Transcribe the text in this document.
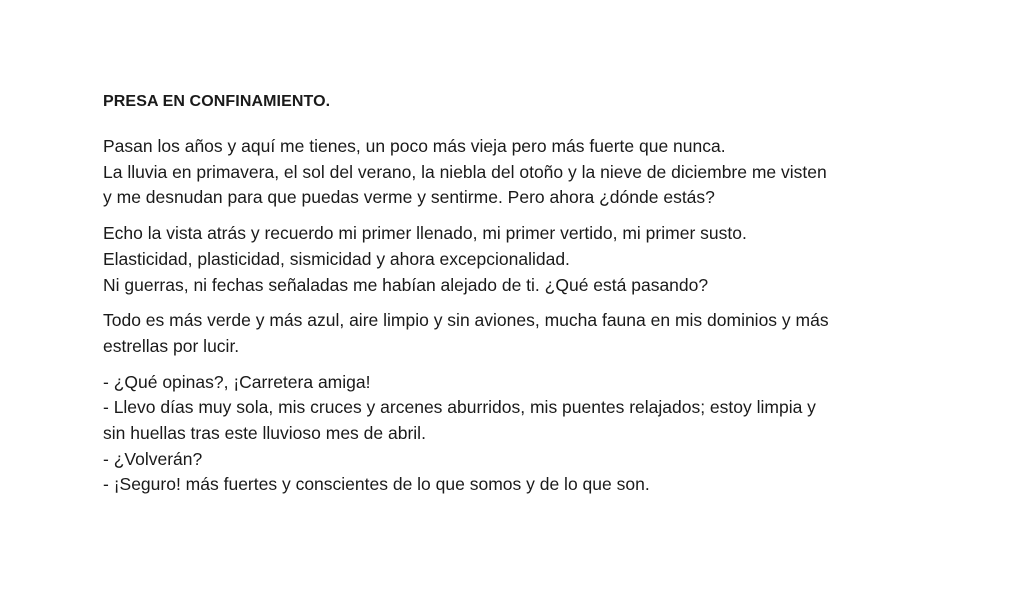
PRESA EN CONFINAMIENTO.
Pasan los años y aquí me tienes, un poco más vieja pero más fuerte que nunca.
La lluvia en primavera, el sol del verano, la niebla del otoño y la nieve de diciembre me visten
y me desnudan para que puedas verme y sentirme. Pero ahora ¿dónde estás?
Echo la vista atrás y recuerdo mi primer llenado, mi primer vertido, mi primer susto.
Elasticidad, plasticidad, sismicidad y ahora excepcionalidad.
Ni guerras, ni fechas señaladas me habían alejado de ti. ¿Qué está pasando?
Todo es más verde y más azul, aire limpio y sin aviones, mucha fauna en mis dominios y más
estrellas por lucir.
- ¿Qué opinas?, ¡Carretera amiga!
- Llevo días muy sola, mis cruces y arcenes aburridos, mis puentes relajados; estoy limpia y
sin huellas tras este lluvioso mes de abril.
- ¿Volverán?
- ¡Seguro! más fuertes y conscientes de lo que somos y de lo que son.
